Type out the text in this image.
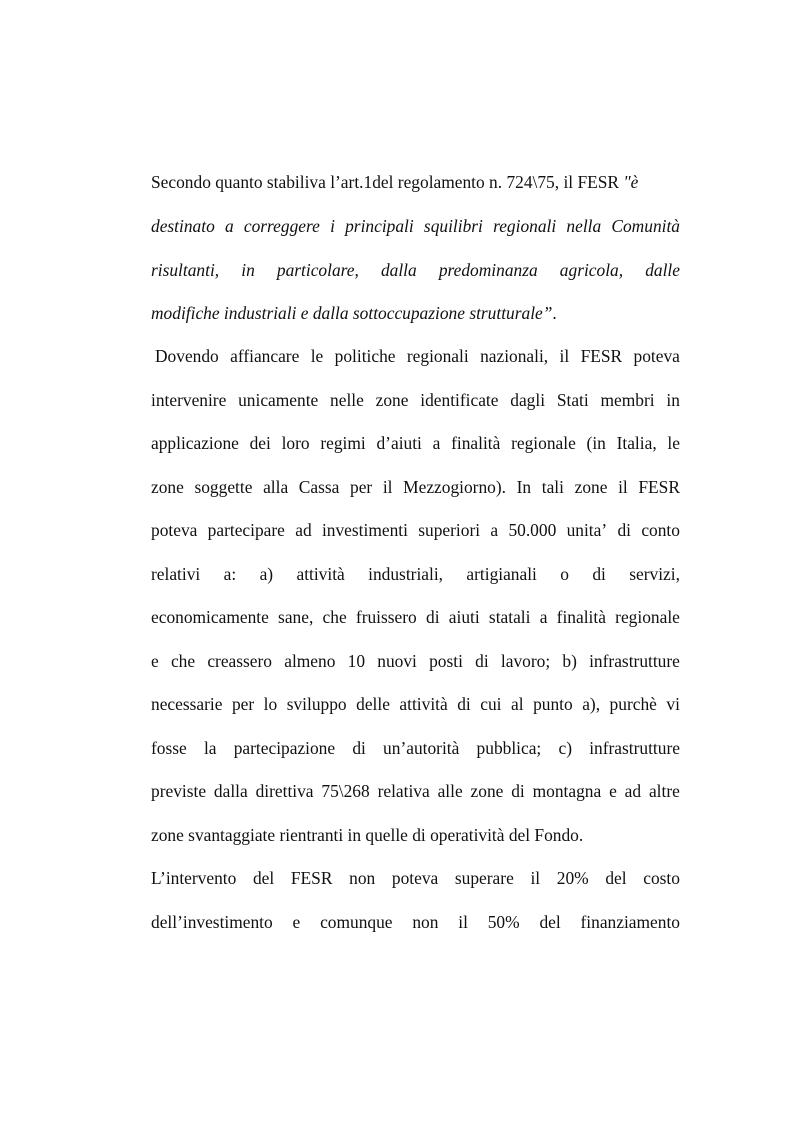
Secondo quanto stabiliva l’art.1del regolamento n. 724\75, il FESR "è
destinato a correggere i principali squilibri regionali nella Comunità
risultanti, in particolare, dalla predominanza agricola, dalle
modifiche industriali e dalla sottoccupazione strutturale”.
Dovendo affiancare le politiche regionali nazionali, il FESR poteva
intervenire unicamente nelle zone identificate dagli Stati membri in
applicazione dei loro regimi d’aiuti a finalità regionale (in Italia, le
zone soggette alla Cassa per il Mezzogiorno). In tali zone il FESR
poteva partecipare ad investimenti superiori a 50.000 unita’ di conto
relativi a: a) attività industriali, artigianali o di servizi,
economicamente sane, che fruissero di aiuti statali a finalità regionale
e che creassero almeno 10 nuovi posti di lavoro; b) infrastrutture
necessarie per lo sviluppo delle attività di cui al punto a), purchè vi
fosse la partecipazione di un’autorità pubblica; c) infrastrutture
previste dalla direttiva 75\268 relativa alle zone di montagna e ad altre
zone svantaggiate rientranti in quelle di operatività del Fondo.
L’intervento del FESR non poteva superare il 20% del costo
dell’investimento e comunque non il 50% del finanziamento
